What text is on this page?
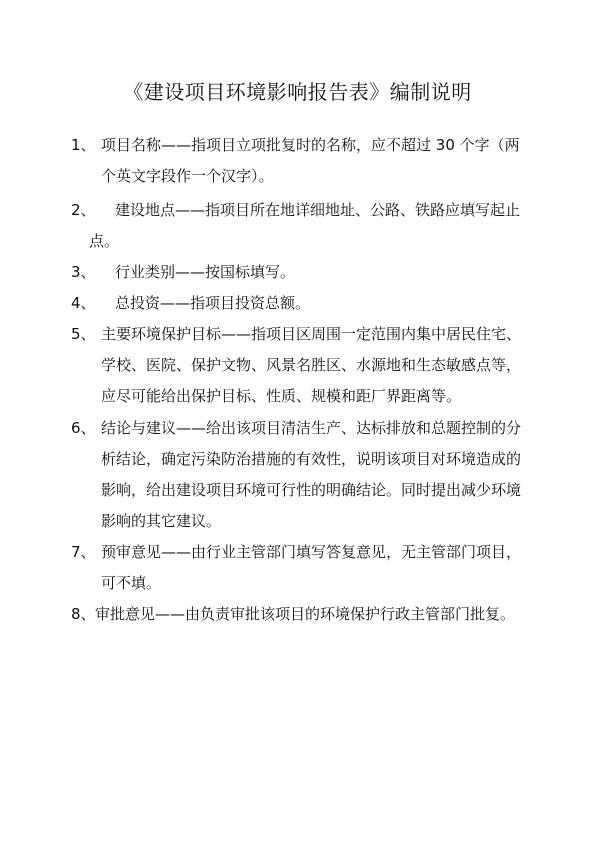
《建设项目环境影响报告表》编制说明
1、 项目名称——指项目立项批复时的名称，应不超过 30 个字（两
个英文字段作一个汉字）。
2、 建设地点——指项目所在地详细地址、公路、铁路应填写起止
点。
3、 行业类别——按国标填写。
4、 总投资——指项目投资总额。
5、 主要环境保护目标——指项目区周围一定范围内集中居民住宅、
学校、医院、保护文物、风景名胜区、水源地和生态敏感点等，
应尽可能给出保护目标、性质、规模和距厂界距离等。
6、 结论与建议——给出该项目清洁生产、达标排放和总题控制的分
析结论，确定污染防治措施的有效性，说明该项目对环境造成的
影响，给出建设项目环境可行性的明确结论。同时提出减少环境
影响的其它建议。
7、 预审意见——由行业主管部门填写答复意见，无主管部门项目，
可不填。
8、审批意见——由负责审批该项目的环境保护行政主管部门批复。
